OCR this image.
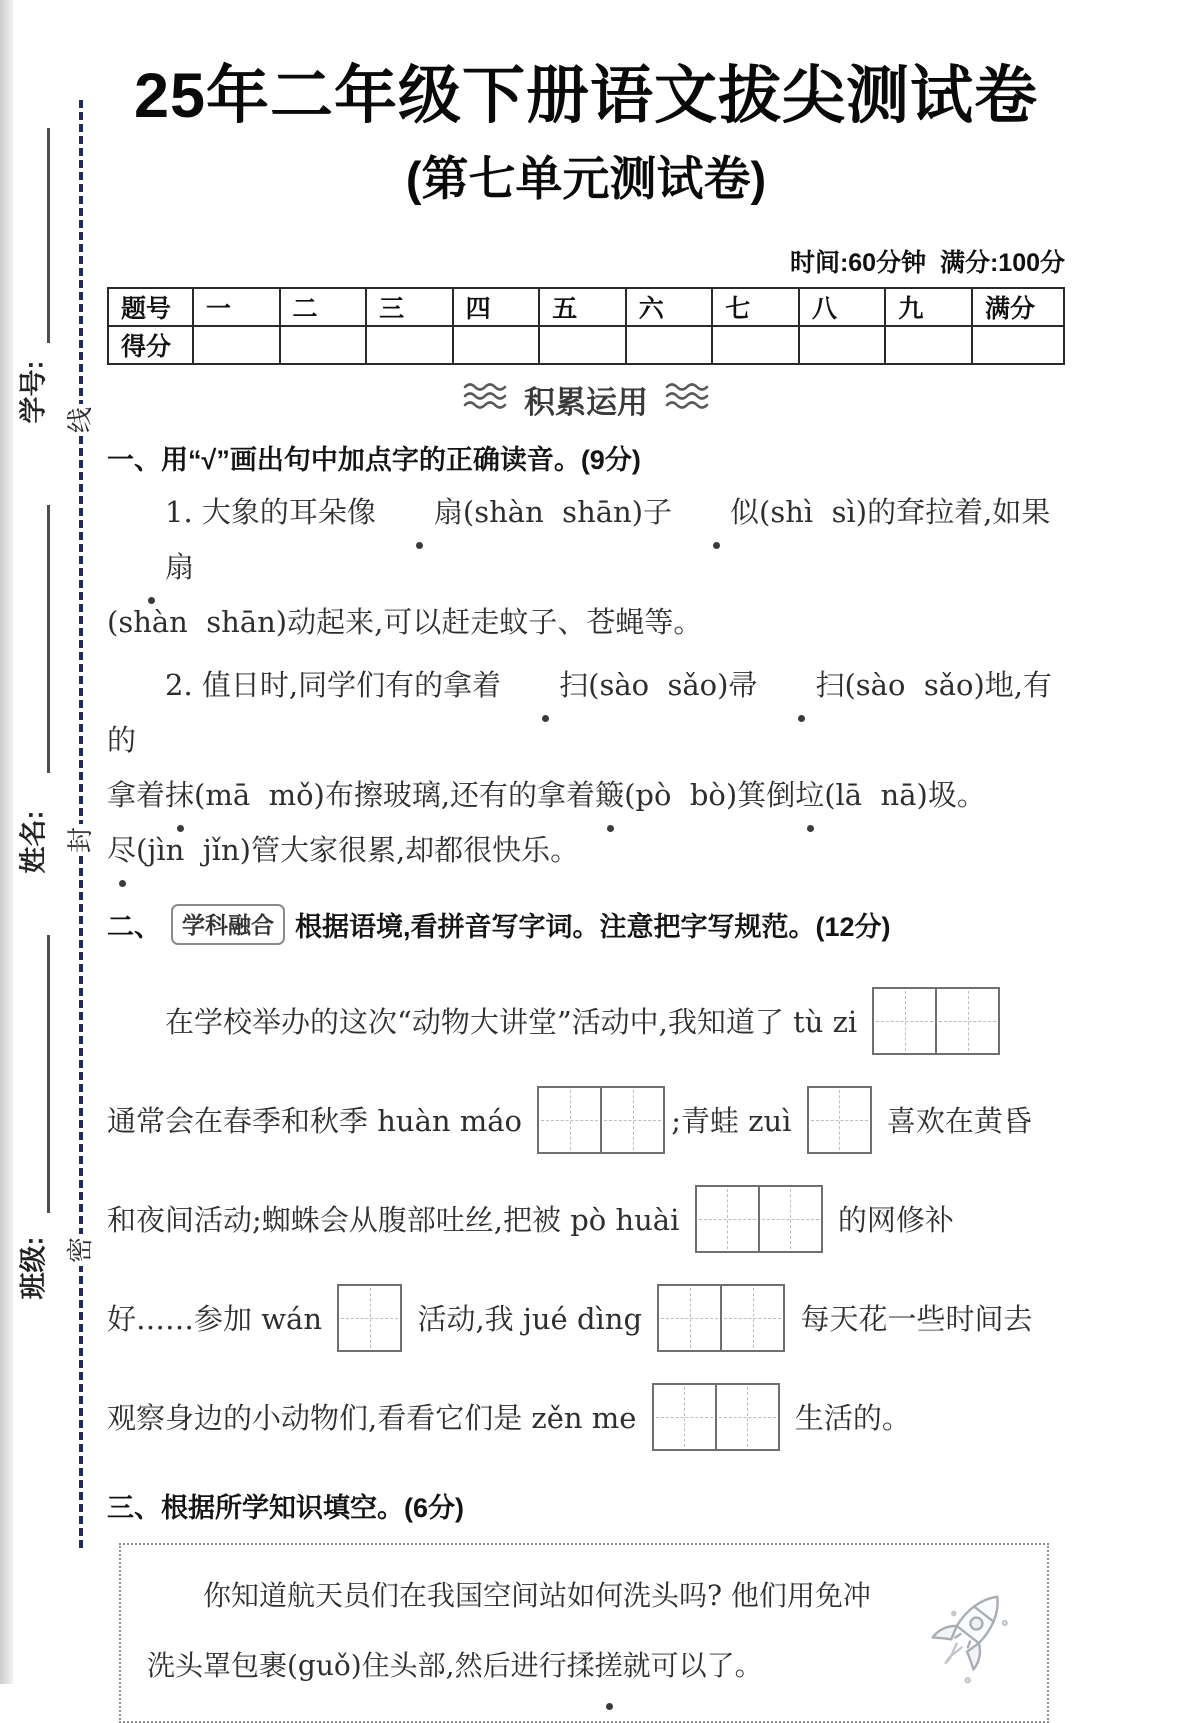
学号:
姓名:
班级:
线
封
密
25年二年级下册语文拔尖测试卷
(第七单元测试卷)
时间:60分钟  满分:100分
题号	一	二	三	四	五	六	七	八	九	满分
得分										
积累运用
一、用“√”画出句中加点字的正确读音。(9分)
1. 大象的耳朵像 扇(shàn  shān)子 似(shì  sì)的耷拉着,如果扇
(shàn  shān)动起来,可以赶走蚊子、苍蝇等。
2. 值日时,同学们有的拿着 扫(sào  sǎo)帚 扫(sào  sǎo)地,有的
拿着抹(mā  mǒ)布擦玻璃,还有的拿着簸(pò  bò)箕倒垃(lā  nā)圾。
尽(jìn  jǐn)管大家很累,却都很快乐。
二、 学科融合 根据语境,看拼音写字词。注意把字写规范。(12分)
　　在学校举办的这次“动物大讲堂”活动中,我知道了 tù zi
通常会在春季和秋季 huàn máo	;青蛙 zuì	喜欢在黄昏
和夜间活动;蜘蛛会从腹部吐丝,把被 pò huài	的网修补
好……参加 wán	活动,我 jué dìng	每天花一些时间去
观察身边的小动物们,看看它们是 zěn me	生活的。
三、根据所学知识填空。(6分)
　　你知道航天员们在我国空间站如何洗头吗? 他们用免冲
洗头罩包裹(guǒ)住头部,然后进行揉搓就可以了。
